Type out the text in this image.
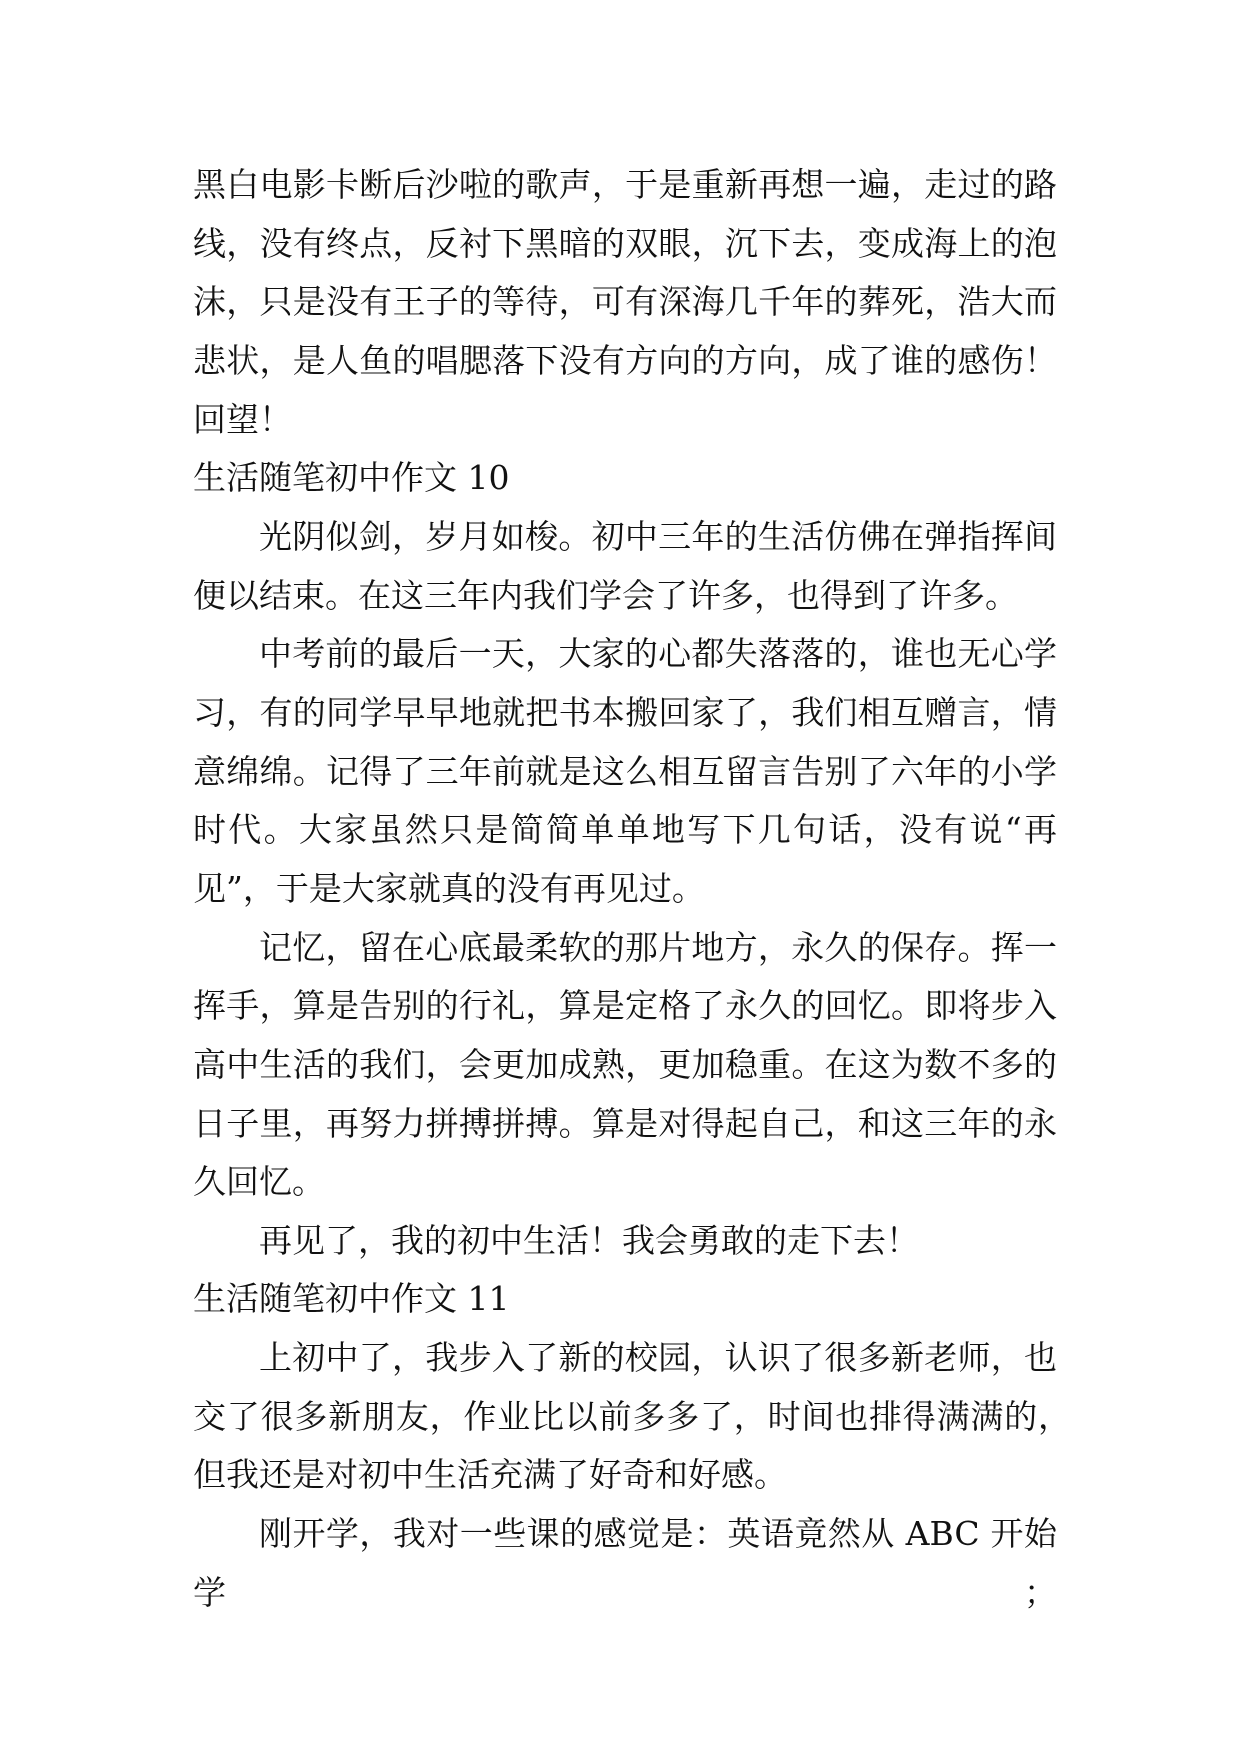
黑白电影卡断后沙啦的歌声，于是重新再想一遍，走过的路
线，没有终点，反衬下黑暗的双眼，沉下去，变成海上的泡
沫，只是没有王子的等待，可有深海几千年的葬死，浩大而
悲状，是人鱼的唱腮落下没有方向的方向，成了谁的感伤！
回望！
生活随笔初中作文 10
光阴似剑，岁月如梭。初中三年的生活仿佛在弹指挥间
便以结束。在这三年内我们学会了许多，也得到了许多。
中考前的最后一天，大家的心都失落落的，谁也无心学
习，有的同学早早地就把书本搬回家了，我们相互赠言，情
意绵绵。记得了三年前就是这么相互留言告别了六年的小学
时代。大家虽然只是简简单单地写下几句话，没有说“再
见”，于是大家就真的没有再见过。
记忆，留在心底最柔软的那片地方，永久的保存。挥一
挥手，算是告别的行礼，算是定格了永久的回忆。即将步入
高中生活的我们，会更加成熟，更加稳重。在这为数不多的
日子里，再努力拼搏拼搏。算是对得起自己，和这三年的永
久回忆。
再见了，我的初中生活！我会勇敢的走下去！
生活随笔初中作文 11
上初中了，我步入了新的校园，认识了很多新老师，也
交了很多新朋友，作业比以前多多了，时间也排得满满的，
但我还是对初中生活充满了好奇和好感。
刚开学，我对一些课的感觉是：英语竟然从 ABC 开始学；
